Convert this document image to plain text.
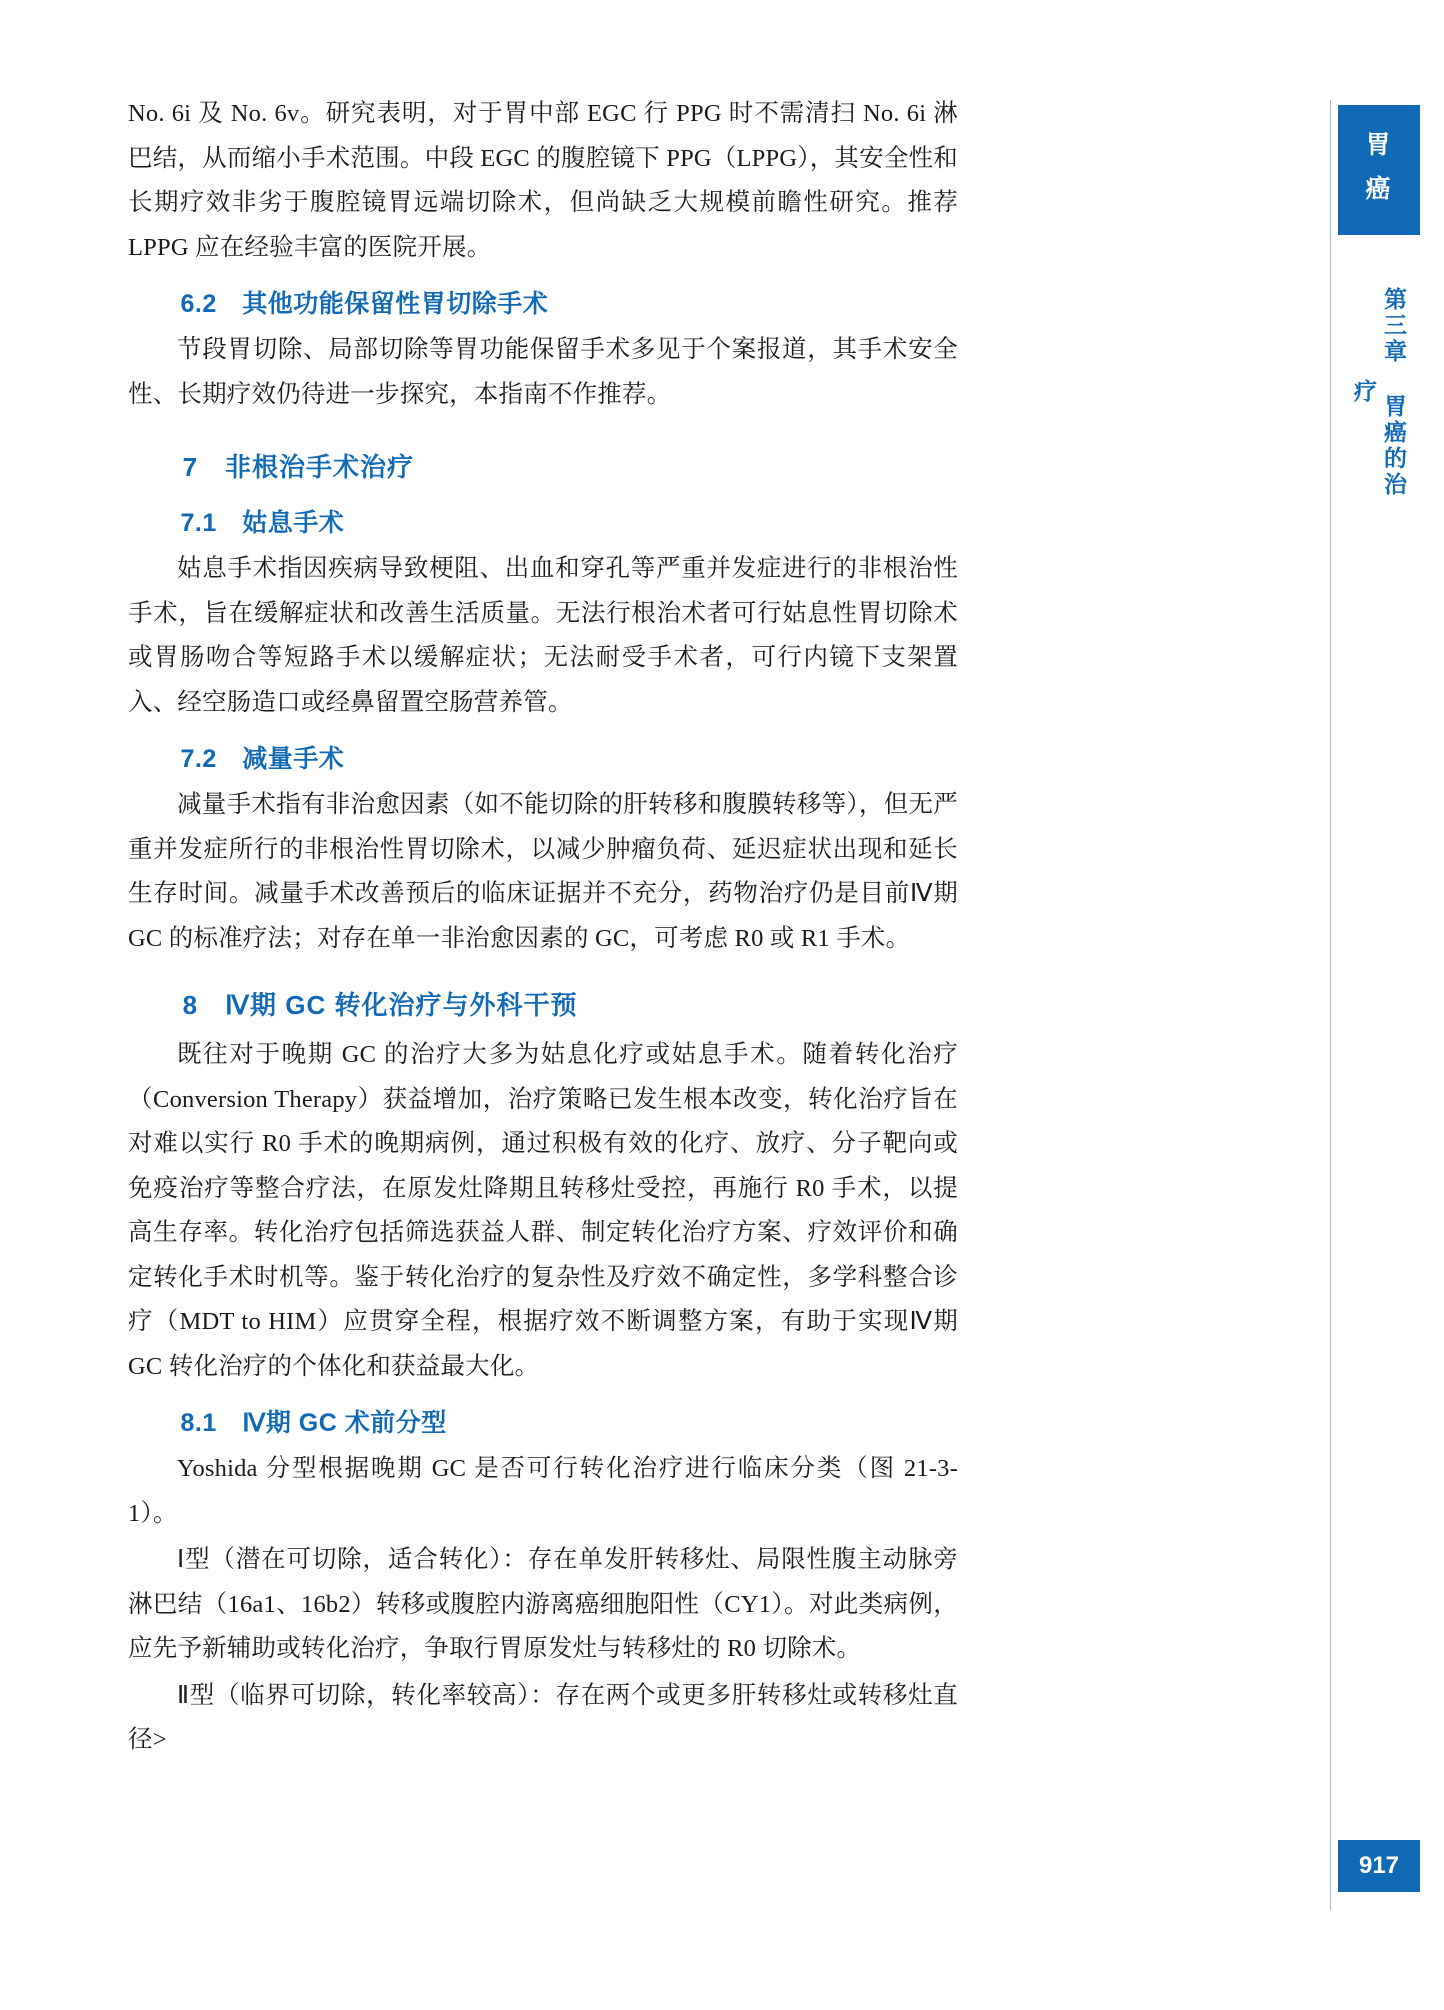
No. 6i 及 No. 6v。研究表明，对于胃中部 EGC 行 PPG 时不需清扫 No. 6i 淋巴结，从而缩小手术范围。中段 EGC 的腹腔镜下 PPG（LPPG），其安全性和长期疗效非劣于腹腔镜胃远端切除术，但尚缺乏大规模前瞻性研究。推荐 LPPG 应在经验丰富的医院开展。

6.2　其他功能保留性胃切除手术

节段胃切除、局部切除等胃功能保留手术多见于个案报道，其手术安全性、长期疗效仍待进一步探究，本指南不作推荐。

7　非根治手术治疗
7.1　姑息手术

姑息手术指因疾病导致梗阻、出血和穿孔等严重并发症进行的非根治性手术，旨在缓解症状和改善生活质量。无法行根治术者可行姑息性胃切除术或胃肠吻合等短路手术以缓解症状；无法耐受手术者，可行内镜下支架置入、经空肠造口或经鼻留置空肠营养管。

7.2　减量手术

减量手术指有非治愈因素（如不能切除的肝转移和腹膜转移等），但无严重并发症所行的非根治性胃切除术，以减少肿瘤负荷、延迟症状出现和延长生存时间。减量手术改善预后的临床证据并不充分，药物治疗仍是目前Ⅳ期 GC 的标准疗法；对存在单一非治愈因素的 GC，可考虑 R0 或 R1 手术。

8　Ⅳ期 GC 转化治疗与外科干预

既往对于晚期 GC 的治疗大多为姑息化疗或姑息手术。随着转化治疗（Conversion Therapy）获益增加，治疗策略已发生根本改变，转化治疗旨在对难以实行 R0 手术的晚期病例，通过积极有效的化疗、放疗、分子靶向或免疫治疗等整合疗法，在原发灶降期且转移灶受控，再施行 R0 手术，以提高生存率。转化治疗包括筛选获益人群、制定转化治疗方案、疗效评价和确定转化手术时机等。鉴于转化治疗的复杂性及疗效不确定性，多学科整合诊疗（MDT to HIM）应贯穿全程，根据疗效不断调整方案，有助于实现Ⅳ期 GC 转化治疗的个体化和获益最大化。

8.1　Ⅳ期 GC 术前分型

Yoshida 分型根据晚期 GC 是否可行转化治疗进行临床分类（图 21-3-1）。

Ⅰ型（潜在可切除，适合转化）：存在单发肝转移灶、局限性腹主动脉旁淋巴结（16a1、16b2）转移或腹腔内游离癌细胞阳性（CY1）。对此类病例，应先予新辅助或转化治疗，争取行胃原发灶与转移灶的 R0 切除术。

Ⅱ型（临界可切除，转化率较高）：存在两个或更多肝转移灶或转移灶直径>

胃
癌
第三章 胃癌的治疗
917
